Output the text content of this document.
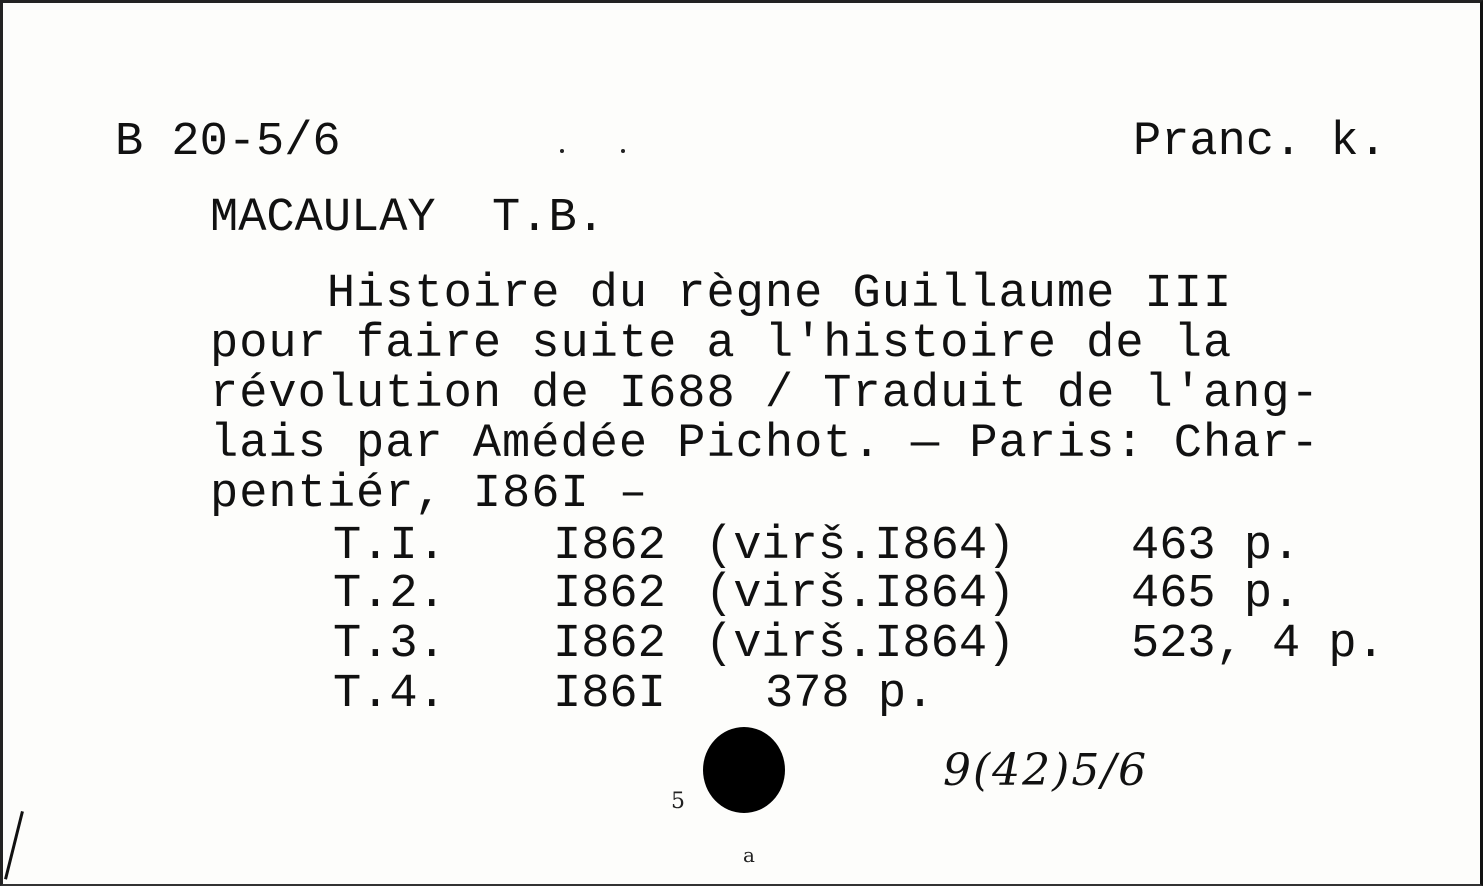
B 20-5/6	Pranc. k.
MACAULAY  T.B.
Histoire du règne Guillaume III
pour faire suite a l'histoire de la
révolution de I688 / Traduit de l'ang-
lais par Amédée Pichot. — Paris: Char-
pentiér, I86I –
T.I. I862 (virš.I864) 463 p.
T.2. I862 (virš.I864) 465 p.
T.3. I862 (virš.I864) 523, 4 p.
T.4. I86I 378 p.
5
a
9(42)5/6
